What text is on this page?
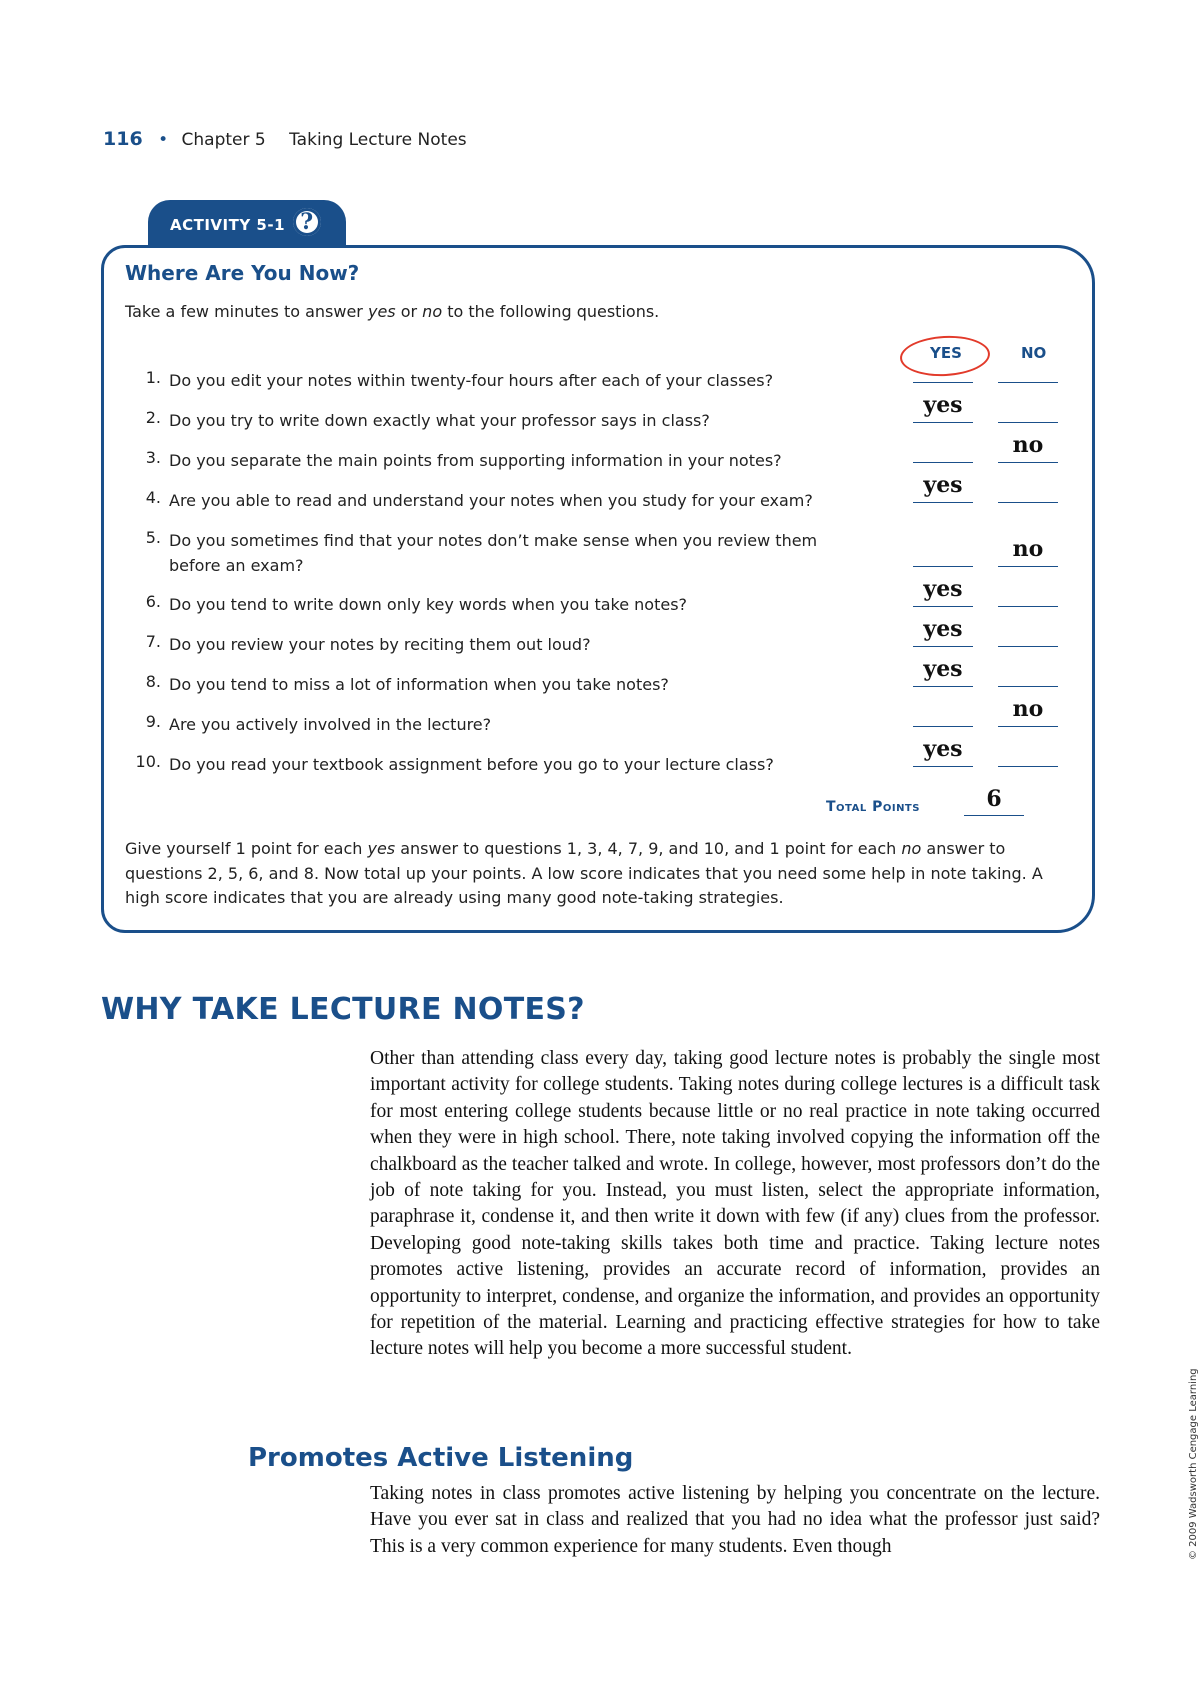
116 • Chapter 5 Taking Lecture Notes
ACTIVITY 5-1 ?
Where Are You Now?
Take a few minutes to answer yes or no to the following questions.
YES	NO
1. Do you edit your notes within twenty-four hours after each of your classes?
2. Do you try to write down exactly what your professor says in class?
yes
3. Do you separate the main points from supporting information in your notes?
no
4. Are you able to read and understand your notes when you study for your exam?
yes
5. Do you sometimes find that your notes don’t make sense when you review them before an exam?
no
6. Do you tend to write down only key words when you take notes?
yes
7. Do you review your notes by reciting them out loud?
yes
8. Do you tend to miss a lot of information when you take notes?
yes
9. Are you actively involved in the lecture?
no
10. Do you read your textbook assignment before you go to your lecture class?
yes
Total Points	6
Give yourself 1 point for each yes answer to questions 1, 3, 4, 7, 9, and 10, and 1 point for each no answer to questions 2, 5, 6, and 8. Now total up your points. A low score indicates that you need some help in note taking. A high score indicates that you are already using many good note-taking strategies.
WHY TAKE LECTURE NOTES?
Other than attending class every day, taking good lecture notes is probably the single most important activity for college students. Taking notes during college lectures is a difficult task for most entering college students because little or no real practice in note taking occurred when they were in high school. There, note taking involved copying the information off the chalkboard as the teacher talked and wrote. In college, however, most professors don’t do the job of note taking for you. Instead, you must listen, select the appropriate information, paraphrase it, condense it, and then write it down with few (if any) clues from the professor. Developing good note-taking skills takes both time and practice. Taking lecture notes promotes active listening, provides an accurate record of information, provides an opportunity to interpret, condense, and organize the information, and provides an opportunity for repetition of the material. Learning and practicing effective strategies for how to take lecture notes will help you become a more successful student.
Promotes Active Listening
Taking notes in class promotes active listening by helping you concentrate on the lecture. Have you ever sat in class and realized that you had no idea what the professor just said? This is a very common experience for many students. Even though	© 2009 Wadsworth Cengage Learning
